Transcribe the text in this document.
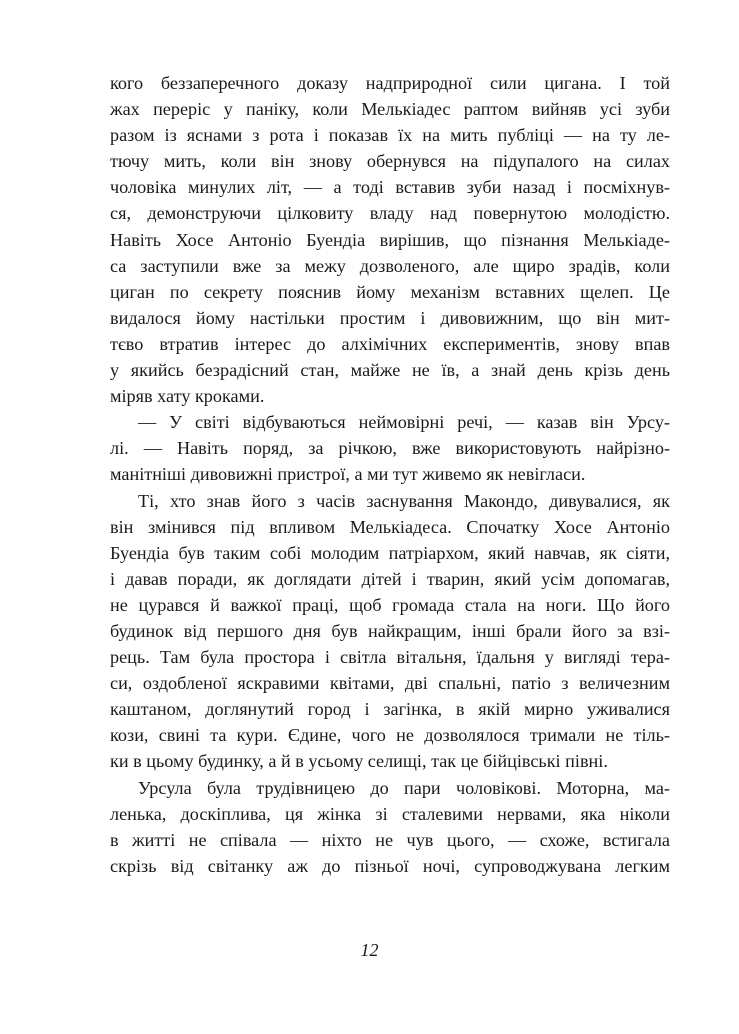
кого беззаперечного доказу надприродної сили цигана. І той
жах переріс у паніку, коли Мелькіадес раптом вийняв усі зуби
разом із яснами з рота і показав їх на мить публіці — на ту ле-
тючу мить, коли він знову обернувся на підупалого на силах
чоловіка минулих літ, — а тоді вставив зуби назад і посміхнув-
ся, демонструючи цілковиту владу над повернутою молодістю.
Навіть Хосе Антоніо Буендіа вирішив, що пізнання Мелькіаде-
са заступили вже за межу дозволеного, але щиро зрадів, коли
циган по секрету пояснив йому механізм вставних щелеп. Це
видалося йому настільки простим і дивовижним, що він мит-
тєво втратив інтерес до алхімічних експериментів, знову впав
у якийсь безрадісний стан, майже не їв, а знай день крізь день
міряв хату кроками.
— У світі відбуваються неймовірні речі, — казав він Урсу-
лі. — Навіть поряд, за річкою, вже використовують найрізно-
манітніші дивовижні пристрої, а ми тут живемо як невігласи.
Ті, хто знав його з часів заснування Макондо, дивувалися, як
він змінився під впливом Мелькіадеса. Спочатку Хосе Антоніо
Буендіа був таким собі молодим патріархом, який навчав, як сіяти,
і давав поради, як доглядати дітей і тварин, який усім допомагав,
не цурався й важкої праці, щоб громада стала на ноги. Що його
будинок від першого дня був найкращим, інші брали його за взі-
рець. Там була простора і світла вітальня, їдальня у вигляді тера-
си, оздобленої яскравими квітами, дві спальні, патіо з величезним
каштаном, доглянутий город і загінка, в якій мирно уживалися
кози, свині та кури. Єдине, чого не дозволялося тримали не тіль-
ки в цьому будинку, а й в усьому селищі, так це бійцівські півні.
Урсула була трудівницею до пари чоловікові. Моторна, ма-
ленька, доскіплива, ця жінка зі сталевими нервами, яка ніколи
в житті не співала — ніхто не чув цього, — схоже, встигала
скрізь від світанку аж до пізньої ночі, супроводжувана легким
12
